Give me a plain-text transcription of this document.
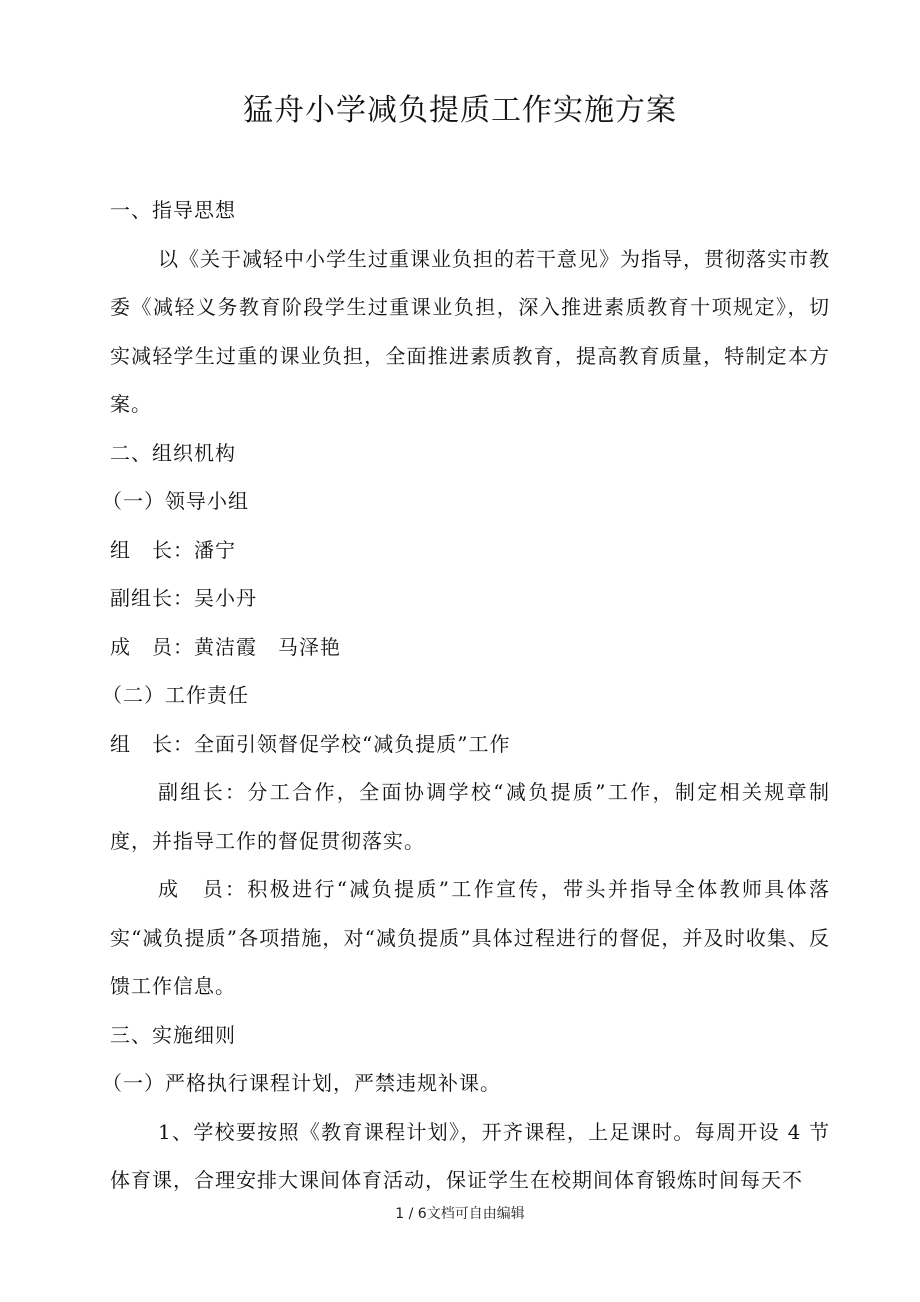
猛舟小学减负提质工作实施方案

一、指导思想

以《关于减轻中小学生过重课业负担的若干意见》为指导，贯彻落实市教委《减轻义务教育阶段学生过重课业负担，深入推进素质教育十项规定》，切实减轻学生过重的课业负担，全面推进素质教育，提高教育质量，特制定本方案。

二、组织机构

（一）领导小组

组　长：潘宁

副组长：吴小丹

成　员：黄洁霞　马泽艳

（二）工作责任

组　长：全面引领督促学校“减负提质”工作

副组长：分工合作，全面协调学校“减负提质”工作，制定相关规章制度，并指导工作的督促贯彻落实。

成　员：积极进行“减负提质”工作宣传，带头并指导全体教师具体落实“减负提质”各项措施，对“减负提质”具体过程进行的督促，并及时收集、反馈工作信息。

三、实施细则

（一）严格执行课程计划，严禁违规补课。

1、学校要按照《教育课程计划》，开齐课程，上足课时。每周开设 4 节体育课，合理安排大课间体育活动，保证学生在校期间体育锻炼时间每天不

1 / 6文档可自由编辑
